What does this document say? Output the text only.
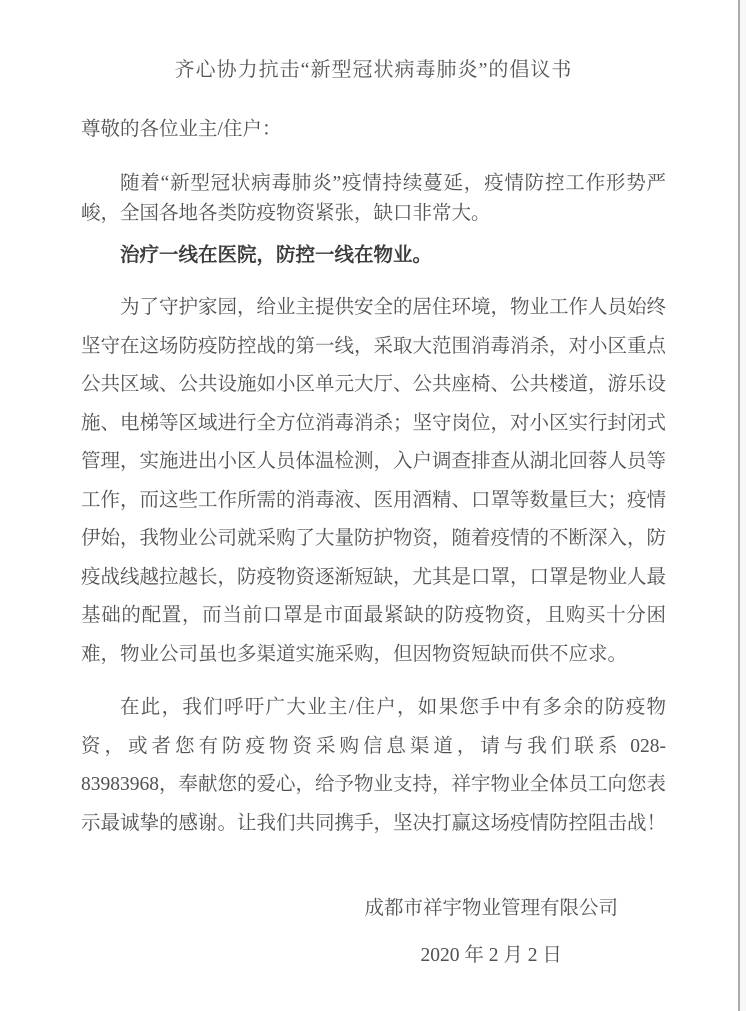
齐心协力抗击“新型冠状病毒肺炎”的倡议书

尊敬的各位业主/住户：

随着“新型冠状病毒肺炎”疫情持续蔓延，疫情防控工作形势严峻，全国各地各类防疫物资紧张，缺口非常大。

治疗一线在医院，防控一线在物业。

为了守护家园，给业主提供安全的居住环境，物业工作人员始终坚守在这场防疫防控战的第一线，采取大范围消毒消杀，对小区重点公共区域、公共设施如小区单元大厅、公共座椅、公共楼道，游乐设施、电梯等区域进行全方位消毒消杀；坚守岗位，对小区实行封闭式管理，实施进出小区人员体温检测，入户调查排查从湖北回蓉人员等工作，而这些工作所需的消毒液、医用酒精、口罩等数量巨大；疫情伊始，我物业公司就采购了大量防护物资，随着疫情的不断深入，防疫战线越拉越长，防疫物资逐渐短缺，尤其是口罩，口罩是物业人最基础的配置，而当前口罩是市面最紧缺的防疫物资，且购买十分困难，物业公司虽也多渠道实施采购，但因物资短缺而供不应求。

在此，我们呼吁广大业主/住户，如果您手中有多余的防疫物资，或者您有防疫物资采购信息渠道，请与我们联系 028-83983968，奉献您的爱心，给予物业支持，祥宇物业全体员工向您表示最诚挚的感谢。让我们共同携手，坚决打赢这场疫情防控阻击战！

成都市祥宇物业管理有限公司
2020 年 2 月 2 日
